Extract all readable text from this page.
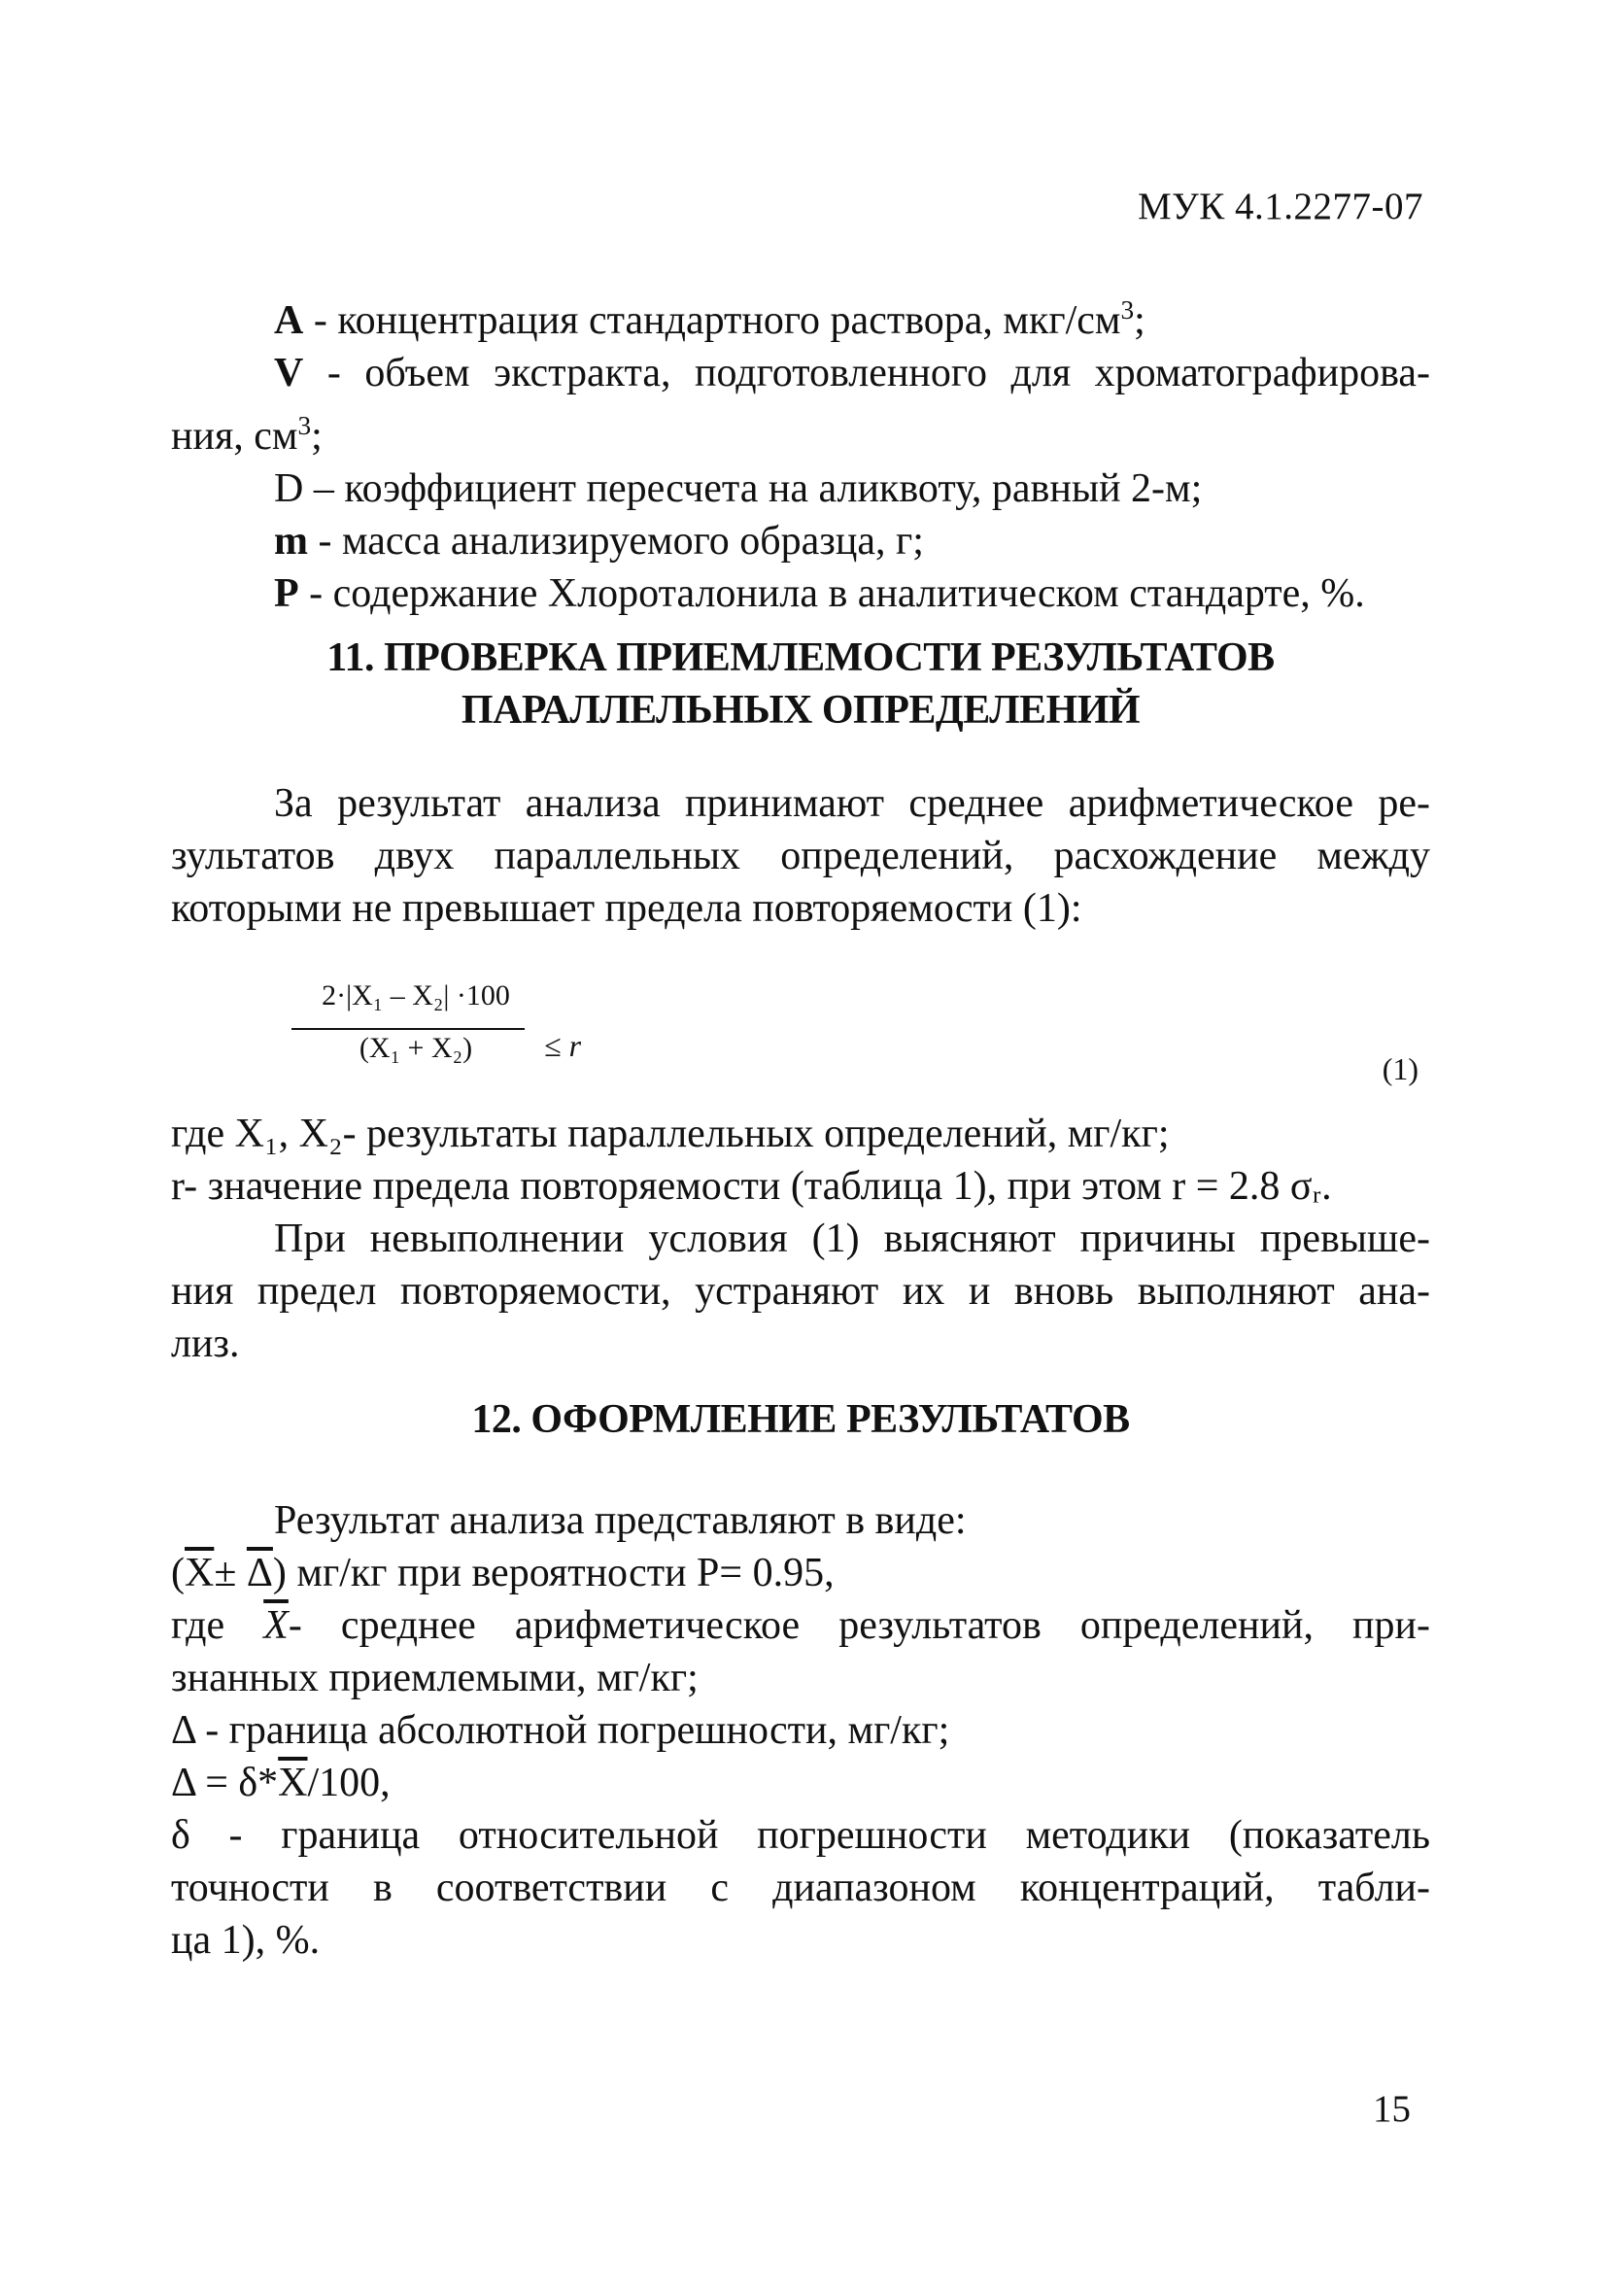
МУК 4.1.2277-07
А - концентрация стандартного раствора, мкг/$см^3$;
V - объем экстракта, подготовленного для хроматографирова-
ния, $см^3$;
D – коэффициент пересчета на аликвоту, равный 2-м;
m - масса анализируемого образца, г;
P - содержание Хлороталонила в аналитическом стандарте, %.
11. ПРОВЕРКА ПРИЕМЛЕМОСТИ РЕЗУЛЬТАТОВ
ПАРАЛЛЕЛЬНЫХ ОПРЕДЕЛЕНИЙ
За результат анализа принимают среднее арифметическое ре-
зультатов двух параллельных определений, расхождение между
которыми не превышает предела повторяемости (1):
2·|X₁ – X₂| ·100
(X₁ + X₂)	≤ r
(1)
где X₁, X₂- результаты параллельных определений, мг/кг;
r- значение предела повторяемости (таблица 1), при этом r = 2.8 σᵣ.
При невыполнении условия (1) выясняют причины превыше-
ния предел повторяемости, устраняют их и вновь выполняют ана-
лиз.
12. ОФОРМЛЕНИЕ РЕЗУЛЬТАТОВ
Результат анализа представляют в виде:
$(\overline{X}\pm \overline{\Delta})$ мг/кг при вероятности P= 0.95,
где $\overline{X}-$ среднее арифметическое результатов определений, при-
знанных приемлемыми, мг/кг;
Δ - граница абсолютной погрешности, мг/кг;
$\Delta = \delta*\overline{X}/100$,
δ - граница относительной погрешности методики (показатель
точности в соответствии с диапазоном концентраций, табли-
ца 1), %.
15
